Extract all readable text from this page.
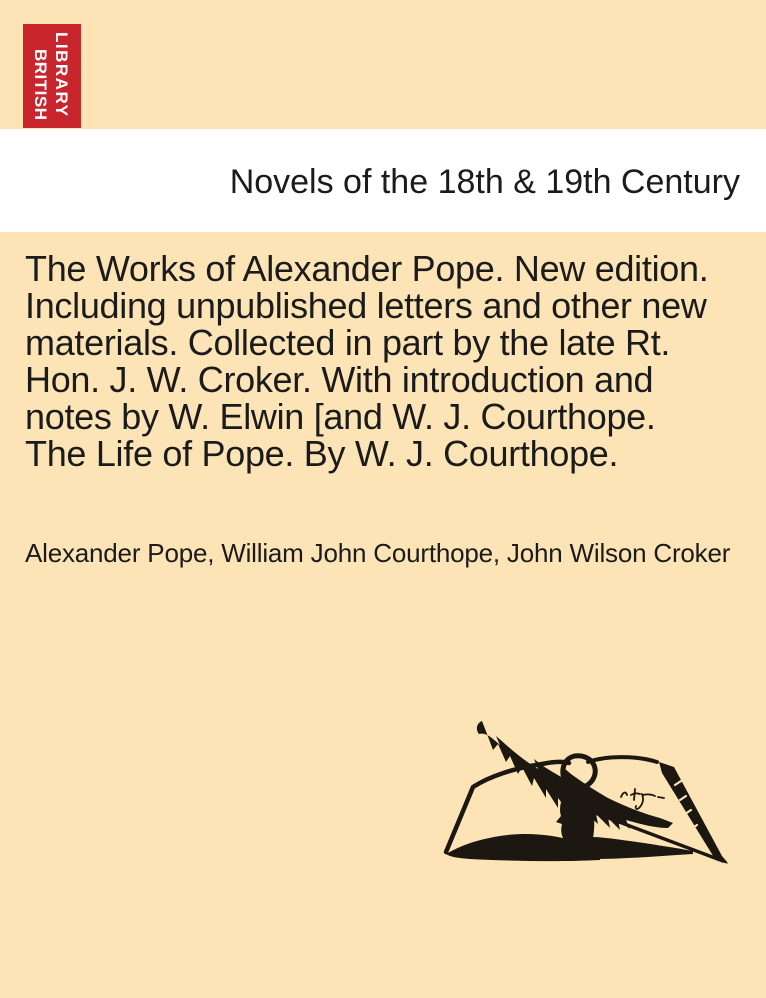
BRITISH LIBRARY
Novels of the 18th & 19th Century
The Works of Alexander Pope. New edition.
Including unpublished letters and other new
materials. Collected in part by the late Rt.
Hon. J. W. Croker. With introduction and
notes by W. Elwin [and W. J. Courthope.
The Life of Pope. By W. J. Courthope.
Alexander Pope, William John Courthope, John Wilson Croker
